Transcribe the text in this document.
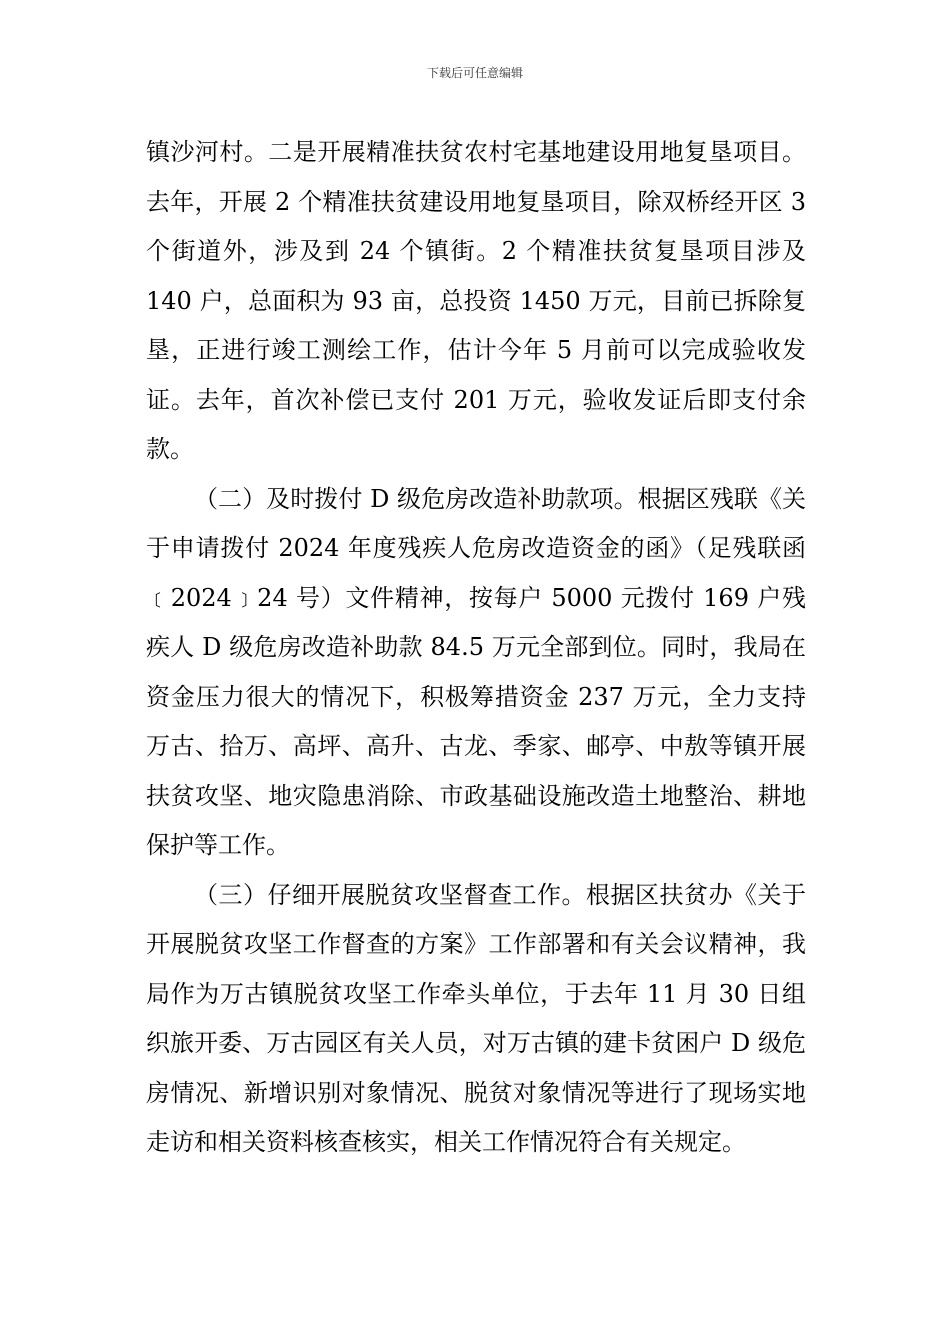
下载后可任意编辑

镇沙河村。二是开展精准扶贫农村宅基地建设用地复垦项目。去年，开展 2 个精准扶贫建设用地复垦项目，除双桥经开区 3 个街道外，涉及到 24 个镇街。2 个精准扶贫复垦项目涉及 140 户，总面积为 93 亩，总投资 1450 万元，目前已拆除复垦，正进行竣工测绘工作，估计今年 5 月前可以完成验收发证。去年，首次补偿已支付 201 万元，验收发证后即支付余款。

（二）及时拨付 D 级危房改造补助款项。根据区残联《关于申请拨付 2024 年度残疾人危房改造资金的函》（足残联函﹝2024﹞24 号）文件精神，按每户 5000 元拨付 169 户残疾人 D 级危房改造补助款 84.5 万元全部到位。同时，我局在资金压力很大的情况下，积极筹措资金 237 万元，全力支持万古、拾万、高坪、高升、古龙、季家、邮亭、中敖等镇开展扶贫攻坚、地灾隐患消除、市政基础设施改造土地整治、耕地保护等工作。

（三）仔细开展脱贫攻坚督查工作。根据区扶贫办《关于开展脱贫攻坚工作督查的方案》工作部署和有关会议精神，我局作为万古镇脱贫攻坚工作牵头单位，于去年 11 月 30 日组织旅开委、万古园区有关人员，对万古镇的建卡贫困户 D 级危房情况、新增识别对象情况、脱贫对象情况等进行了现场实地走访和相关资料核查核实，相关工作情况符合有关规定。
